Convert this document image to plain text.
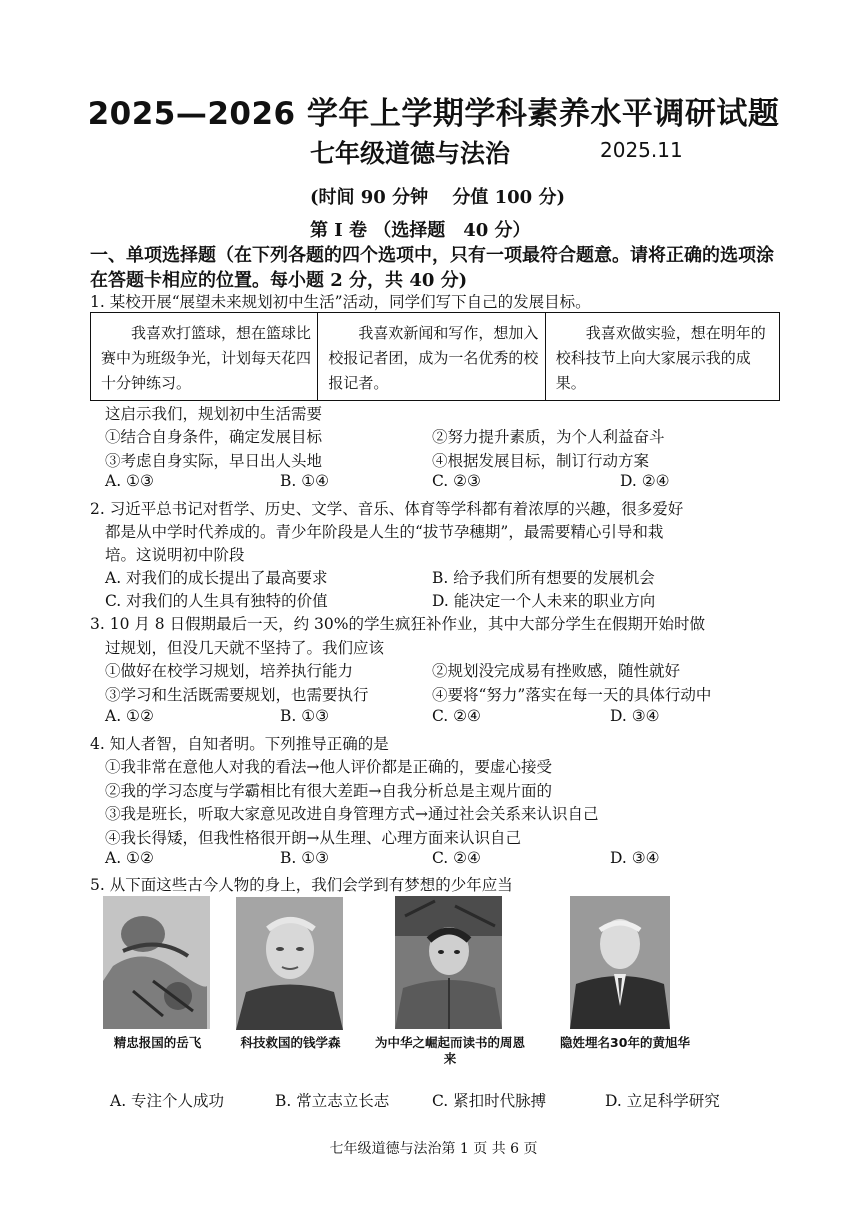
2025—2026 学年上学期学科素养水平调研试题
七年级道德与法治	2025.11
(时间 90 分钟　 分值 100 分)
第 I 卷 （选择题　40 分）
一、单项选择题（在下列各题的四个选项中，只有一项最符合题意。请将正确的选项涂在答题卡相应的位置。每小题 2 分，共 40 分)
1. 某校开展“展望未来规划初中生活”活动，同学们写下自己的发展目标。
我喜欢打篮球，想在篮球比赛中为班级争光，计划每天花四十分钟练习。	我喜欢新闻和写作，想加入校报记者团，成为一名优秀的校报记者。	我喜欢做实验，想在明年的校科技节上向大家展示我的成果。
这启示我们，规划初中生活需要
①结合自身条件，确定发展目标	②努力提升素质，为个人利益奋斗
③考虑自身实际，早日出人头地	④根据发展目标，制订行动方案
A. ①③	B. ①④	C. ②③	D. ②④
2. 习近平总书记对哲学、历史、文学、音乐、体育等学科都有着浓厚的兴趣，很多爱好
都是从中学时代养成的。青少年阶段是人生的“拔节孕穗期”，最需要精心引导和栽
培。这说明初中阶段
A. 对我们的成长提出了最高要求	B. 给予我们所有想要的发展机会
C. 对我们的人生具有独特的价值	D. 能决定一个人未来的职业方向
3. 10 月 8 日假期最后一天，约 30%的学生疯狂补作业，其中大部分学生在假期开始时做
过规划，但没几天就不坚持了。我们应该
①做好在校学习规划，培养执行能力	②规划没完成易有挫败感，随性就好
③学习和生活既需要规划，也需要执行	④要将“努力”落实在每一天的具体行动中
A. ①②	B. ①③	C. ②④	D. ③④
4. 知人者智，自知者明。下列推导正确的是
①我非常在意他人对我的看法→他人评价都是正确的，要虚心接受
②我的学习态度与学霸相比有很大差距→自我分析总是主观片面的
③我是班长，听取大家意见改进自身管理方式→通过社会关系来认识自己
④我长得矮，但我性格很开朗→从生理、心理方面来认识自己
A. ①②	B. ①③	C. ②④	D. ③④
5. 从下面这些古今人物的身上，我们会学到有梦想的少年应当
精忠报国的岳飞	科技救国的钱学森	为中华之崛起而读书的周恩来
隐姓埋名30年的黄旭华
A. 专注个人成功	B. 常立志立长志	C. 紧扣时代脉搏	D. 立足科学研究
七年级道德与法治第 1 页 共 6 页
